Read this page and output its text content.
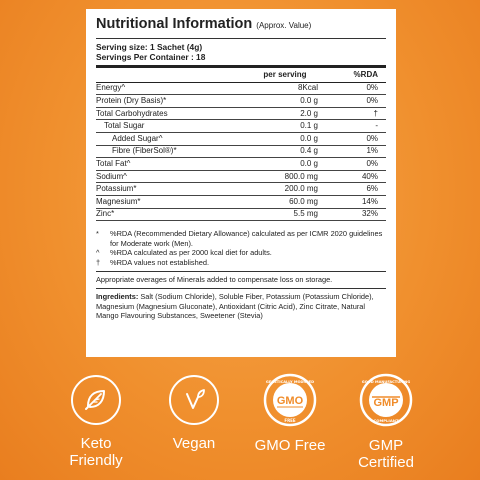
Nutritional Information (Approx. Value)
Serving size: 1 Sachet (4g)
Servings Per Container : 18
	per serving	%RDA
Energy^	8Kcal	0%
Protein (Dry Basis)*	0.0 g	0%
Total Carbohydrates	2.0 g	†
Total Sugar	0.1 g	-
Added Sugar^	0.0 g	0%
Fibre (FiberSol®)*	0.4 g	1%
Total Fat^	0.0 g	0%
Sodium^	800.0 mg	40%
Potassium*	200.0 mg	6%
Magnesium*	60.0 mg	14%
Zinc*	5.5 mg	32%
*	%RDA (Recommended Dietary Allowance) calculated as per ICMR 2020 guidelines for Moderate work (Men).
^	%RDA calculated as per 2000 kcal diet for adults.
†	%RDA values not established.
Appropriate overages of Minerals added to compensate loss on storage.
Ingredients: Salt (Sodium Chloride), Soluble Fiber, Potassium (Potassium Chloride), Magnesium (Magnesium Gluconate), Antioxidant (Citric Acid), Zinc Citrate, Natural Mango Flavouring Substances, Sweetener (Stevia)
Keto
Friendly
Vegan
GMO
GENETICALLY MODIFIED
FREE
GMO Free
GMP
GOOD MANUFACTURING
COMPLIANT
GMP
Certified
